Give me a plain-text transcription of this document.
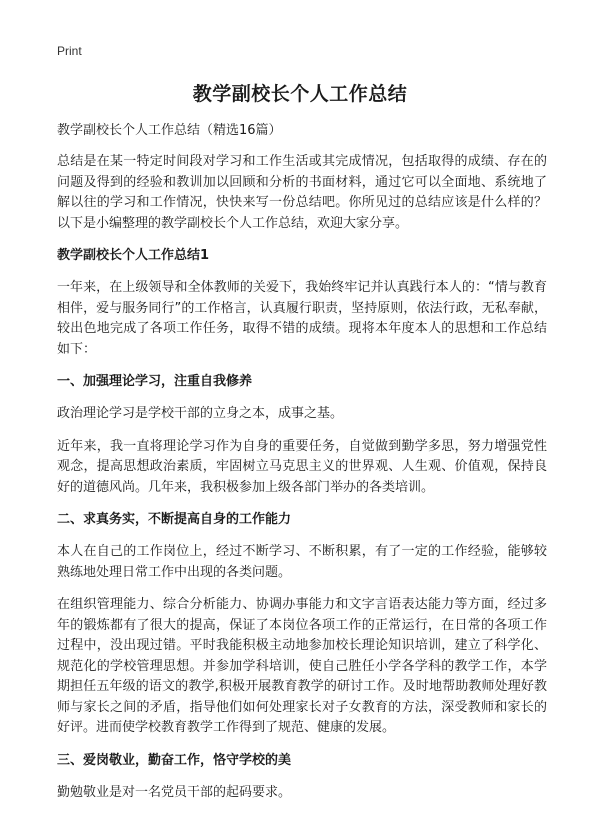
Print
教学副校长个人工作总结

教学副校长个人工作总结（精选16篇）

总结是在某一特定时间段对学习和工作生活或其完成情况，包括取得的成绩、存在的问题及得到的经验和教训加以回顾和分析的书面材料，通过它可以全面地、系统地了解以往的学习和工作情况，快快来写一份总结吧。你所见过的总结应该是什么样的？以下是小编整理的教学副校长个人工作总结，欢迎大家分享。

教学副校长个人工作总结1

一年来，在上级领导和全体教师的关爱下，我始终牢记并认真践行本人的：“情与教育相伴，爱与服务同行”的工作格言，认真履行职责，坚持原则，依法行政，无私奉献，较出色地完成了各项工作任务，取得不错的成绩。现将本年度本人的思想和工作总结如下：

一、加强理论学习，注重自我修养

政治理论学习是学校干部的立身之本，成事之基。

近年来，我一直将理论学习作为自身的重要任务，自觉做到勤学多思，努力增强党性观念，提高思想政治素质，牢固树立马克思主义的世界观、人生观、价值观，保持良好的道德风尚。几年来，我积极参加上级各部门举办的各类培训。

二、求真务实，不断提高自身的工作能力

本人在自己的工作岗位上，经过不断学习、不断积累，有了一定的工作经验，能够较熟练地处理日常工作中出现的各类问题。

在组织管理能力、综合分析能力、协调办事能力和文字言语表达能力等方面，经过多年的锻炼都有了很大的提高，保证了本岗位各项工作的正常运行，在日常的各项工作过程中，没出现过错。平时我能积极主动地参加校长理论知识培训，建立了科学化、规范化的学校管理思想。并参加学科培训，使自己胜任小学各学科的教学工作，本学期担任五年级的语文的教学,积极开展教育教学的研讨工作。及时地帮助教师处理好教师与家长之间的矛盾，指导他们如何处理家长对子女教育的方法，深受教师和家长的好评。进而使学校教育教学工作得到了规范、健康的发展。

三、爱岗敬业，勤奋工作，恪守学校的美

勤勉敬业是对一名党员干部的起码要求。
